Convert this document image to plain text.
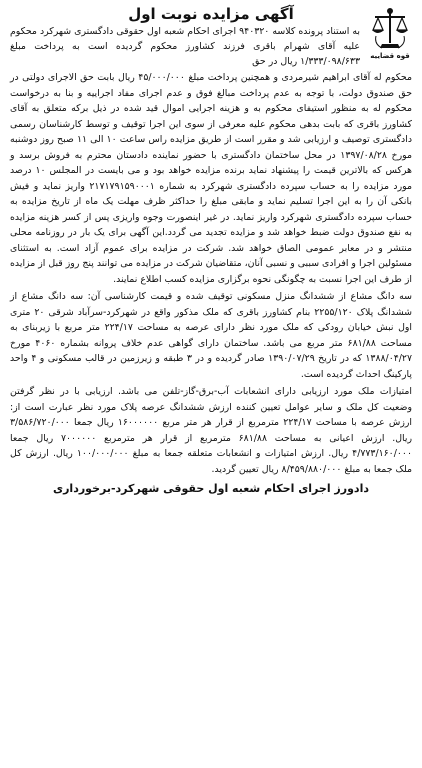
آگهی مزایده نوبت اول
قوه قضاییه

به استناد پرونده کلاسه ۹۴۰۳۲۰ اجرای احکام شعبه اول حقوقی دادگستری شهرکرد محکوم علیه آقای شهرام باقری فرزند کشاورز محکوم گردیده است به پرداخت مبلغ ۱/۳۳۳/۰۹۸/۶۳۳ ریال در حق

محکوم له آقای ابراهیم شیرمردی و همچنین پرداخت مبلغ ۴۵/۰۰۰/۰۰۰ ریال بابت حق الاجرای دولتی در حق صندوق دولت، با توجه به عدم پرداخت مبالغ فوق و عدم اجرای مفاد اجراییه و بنا به درخواست محکوم له به منظور استیفای محکوم به و هزینه اجرایی اموال قید شده در ذیل برکه متعلق به آقای کشاورز باقری که بابت بدهی محکوم علیه معرفی از سوی این اجرا توقیف و توسط کارشناسان رسمی دادگستری توصیف و ارزیابی شد و مقرر است از طریق مزایده راس ساعت ۱۰ الی ۱۱ صبح روز دوشنبه مورخ ۱۳۹۷/۰۸/۲۸ در محل ساختمان دادگستری با حضور نماینده دادستان محترم به فروش برسد و هرکس که بالاترین قیمت را پیشنهاد نماید برنده مزایده خواهد بود و می بایست در المجلس ۱۰ درصد مورد مزایده را به حساب سپرده دادگستری شهرکرد به شماره ۲۱۷۱۷۹۱۵۹۰۰۰۱ واریز نماید و فیش بانکی آن را به این اجرا تسلیم نماید و مابقی مبلغ را حداکثر ظرف مهلت یک ماه از تاریخ مزایده به حساب سپرده دادگستری شهرکرد واریز نماید. در غیر اینصورت وجوه واریزی پس از کسر هزینه مزایده به نفع صندوق دولت ضبط خواهد شد و مزایده تجدید می گردد.این آگهی برای یک بار در روزنامه محلی منتشر و در معابر عمومی الصاق خواهد شد. شرکت در مزایده برای عموم آزاد است. به استثنای مسئولین اجرا و افرادی سببی و نسبی آنان، متقاضیان شرکت در مزایده می توانند پنج روز قبل از مزایده از طرف این اجرا نسبت به چگونگی نحوه برگزاری مزایده کسب اطلاع نمایند.

سه دانگ مشاع از ششدانگ منزل مسکونی توقیف شده و قیمت کارشناسی آن: سه دانگ مشاع از ششدانگ پلاک ۲۲۵۵/۱۲۰ بنام کشاورز باقری که ملک مذکور واقع در شهرکرد-سرآباد شرقی ۲۰ متری اول نبش خیابان رودکی که ملک مورد نظر دارای عرصه به مساحت ۲۲۴/۱۷ متر مربع با زیربنای به مساحت ۶۸۱/۸۸ متر مربع می باشد. ساختمان دارای گواهی عدم خلاف پروانه بشماره ۴۰۶۰ مورخ ۱۳۸۸/۰۴/۲۷ که در تاریخ ۱۳۹۰/۰۷/۲۹ صادر گردیده و در ۳ طبقه و زیرزمین در قالب مسکونی و ۴ واحد پارکینگ احداث گردیده است.

امتیازات ملک مورد ارزیابی دارای انشعابات آب-برق-گاز-تلفن می باشد. ارزیابی با در نظر گرفتن وضعیت کل ملک و سایر عوامل تعیین کننده ارزش ششدانگ عرصه پلاک مورد نظر عبارت است از: ارزش عرصه با مساحت ۲۲۴/۱۷ مترمربع از قرار هر متر مربع ۱۶۰۰۰۰۰۰ ریال جمعا ۳/۵۸۶/۷۲۰/۰۰۰ ریال. ارزش اعیانی به مساحت ۶۸۱/۸۸ مترمربع از قرار هر مترمربع ۷۰۰۰۰۰۰ ریال جمعا ۴/۷۷۳/۱۶۰/۰۰۰ ریال. ارزش امتیازات و انشعابات متعلقه جمعا به مبلغ ۱۰۰/۰۰۰/۰۰۰ ریال. ارزش کل ملک جمعا به مبلغ ۸/۴۵۹/۸۸۰/۰۰۰ ریال تعیین گردید.

دادورز اجرای احکام شعبه اول حقوقی شهرکرد-برخورداری
